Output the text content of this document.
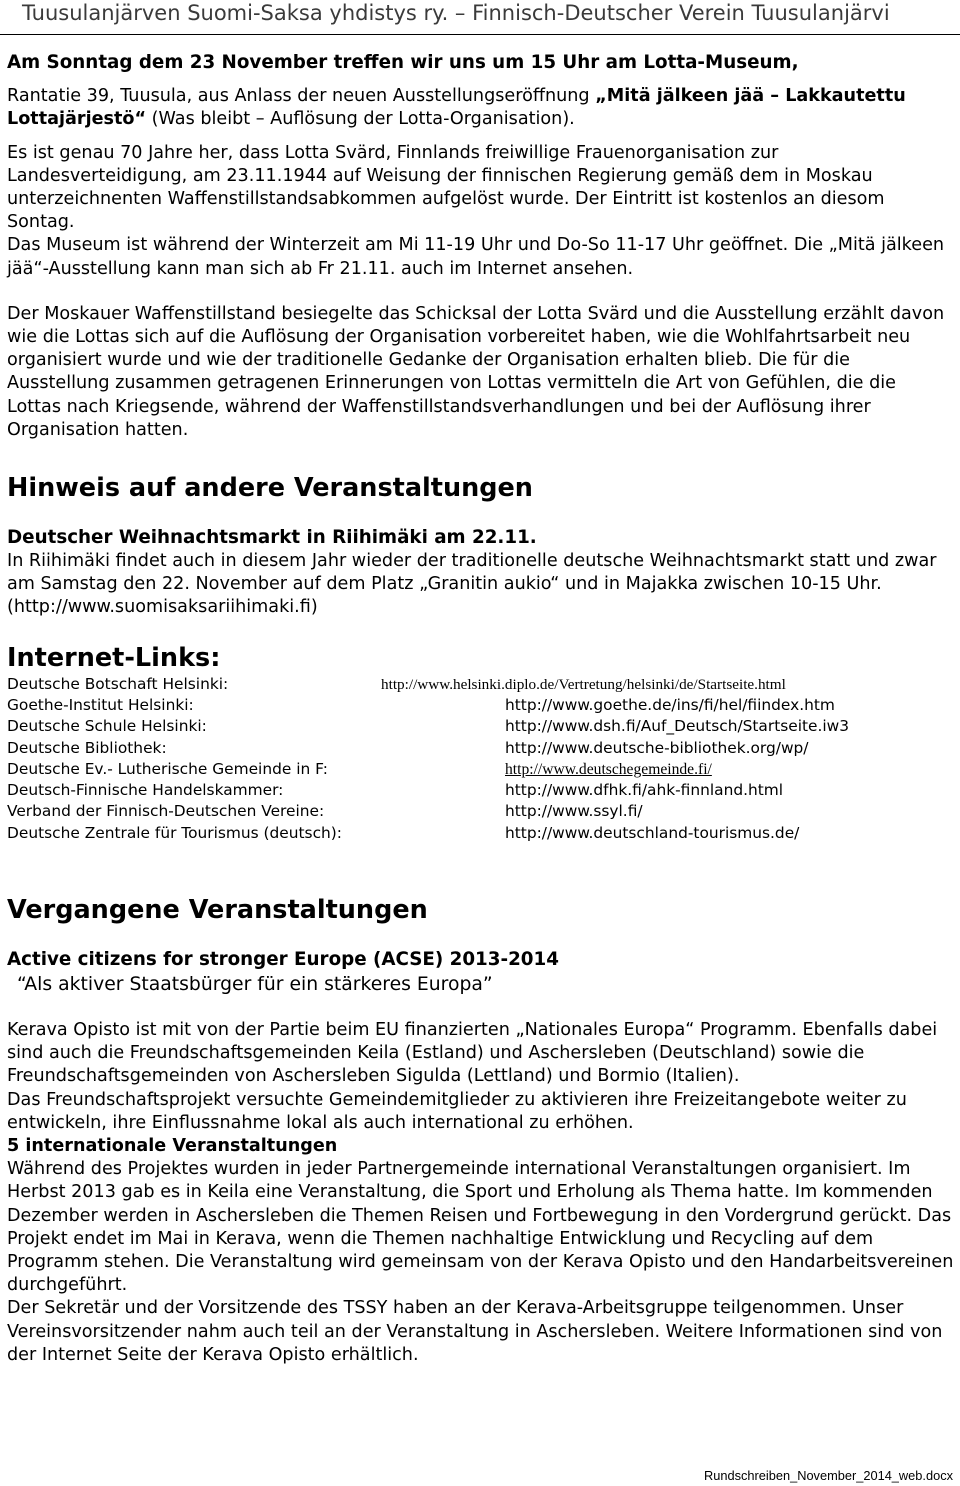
Tuusulanjärven Suomi-Saksa yhdistys ry. – Finnisch-Deutscher Verein Tuusulanjärvi

Am Sonntag dem 23 November treffen wir uns um 15 Uhr am Lotta-Museum,

Rantatie 39, Tuusula, aus Anlass der neuen Ausstellungseröffnung „Mitä jälkeen jää – Lakkautettu Lottajärjestö“ (Was bleibt – Auflösung der Lotta-Organisation).

Es ist genau 70 Jahre her, dass Lotta Svärd, Finnlands freiwillige Frauenorganisation zur Landesverteidigung, am 23.11.1944 auf Weisung der finnischen Regierung gemäß dem in Moskau unterzeichnenten Waffenstillstandsabkommen aufgelöst wurde. Der Eintritt ist kostenlos an diesom Sontag.

Das Museum ist während der Winterzeit am Mi 11-19 Uhr und Do-So 11-17 Uhr geöffnet. Die „Mitä jälkeen jää“-Ausstellung kann man sich ab Fr 21.11. auch im Internet ansehen.

Der Moskauer Waffenstillstand besiegelte das Schicksal der Lotta Svärd und die Ausstellung erzählt davon wie die Lottas sich auf die Auflösung der Organisation vorbereitet haben, wie die Wohlfahrtsarbeit neu organisiert wurde und wie der traditionelle Gedanke der Organisation erhalten blieb. Die für die Ausstellung zusammen getragenen Erinnerungen von Lottas vermitteln die Art von Gefühlen, die die Lottas nach Kriegsende, während der Waffenstillstandsverhandlungen und bei der Auflösung ihrer Organisation hatten.

Hinweis auf andere Veranstaltungen
Deutscher Weihnachtsmarkt in Riihimäki am 22.11.

In Riihimäki findet auch in diesem Jahr wieder der traditionelle deutsche Weihnachtsmarkt statt und zwar am Samstag den 22. November auf dem Platz „Granitin aukio“ und in Majakka zwischen 10-15 Uhr. (http://www.suomisaksariihimaki.fi)

Internet-Links:
Deutsche Botschaft Helsinki:	http://www.helsinki.diplo.de/Vertretung/helsinki/de/Startseite.html
Goethe-Institut Helsinki:	http://www.goethe.de/ins/fi/hel/fiindex.htm
Deutsche Schule Helsinki:	http://www.dsh.fi/Auf_Deutsch/Startseite.iw3
Deutsche Bibliothek:	http://www.deutsche-bibliothek.org/wp/
Deutsche Ev.- Lutherische Gemeinde in F:	http://www.deutschegemeinde.fi/
Deutsch-Finnische Handelskammer:	http://www.dfhk.fi/ahk-finnland.html
Verband der Finnisch-Deutschen Vereine:	http://www.ssyl.fi/
Deutsche Zentrale für Tourismus (deutsch):	http://www.deutschland-tourismus.de/
Vergangene Veranstaltungen
Active citizens for stronger Europe (ACSE) 2013-2014

“Als aktiver Staatsbürger für ein stärkeres Europa”

Kerava Opisto ist mit von der Partie beim EU finanzierten „Nationales Europa“ Programm. Ebenfalls dabei sind auch die Freundschaftsgemeinden Keila (Estland) und Aschersleben (Deutschland) sowie die Freundschaftsgemeinden von Aschersleben Sigulda (Lettland) und Bormio (Italien).

Das Freundschaftsprojekt versuchte Gemeindemitglieder zu aktivieren ihre Freizeitangebote weiter zu entwickeln, ihre Einflussnahme lokal als auch international zu erhöhen.

5 internationale Veranstaltungen

Während des Projektes wurden in jeder Partnergemeinde international Veranstaltungen organisiert. Im Herbst 2013 gab es in Keila eine Veranstaltung, die Sport und Erholung als Thema hatte. Im kommenden Dezember werden in Aschersleben die Themen Reisen und Fortbewegung in den Vordergrund gerückt. Das Projekt endet im Mai in Kerava, wenn die Themen nachhaltige Entwicklung und Recycling auf dem Programm stehen. Die Veranstaltung wird gemeinsam von der Kerava Opisto und den Handarbeitsvereinen durchgeführt.

Der Sekretär und der Vorsitzende des TSSY haben an der Kerava-Arbeitsgruppe teilgenommen. Unser Vereinsvorsitzender nahm auch teil an der Veranstaltung in Aschersleben. Weitere Informationen sind von der Internet Seite der Kerava Opisto erhältlich.

Rundschreiben_November_2014_web.docx
